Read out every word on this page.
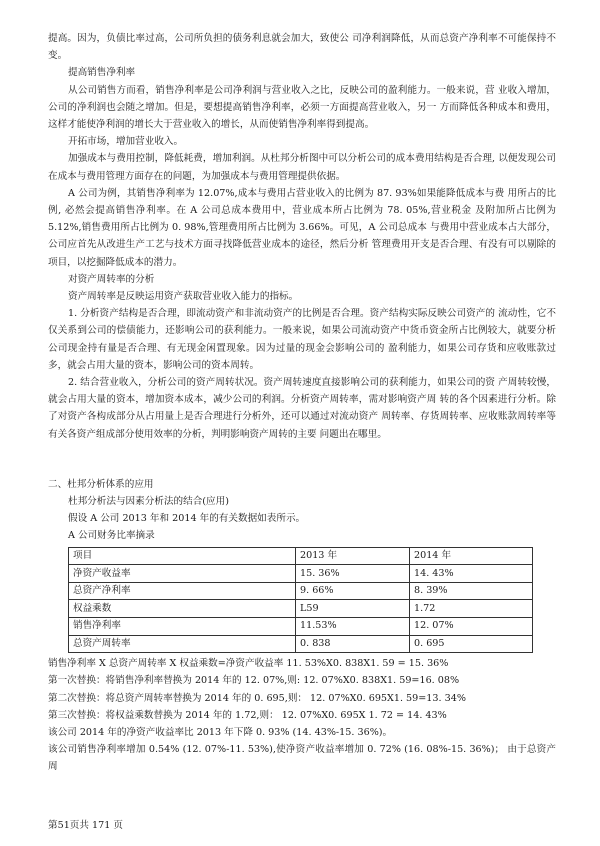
提高。因为，负债比率过高，公司所负担的债务利息就会加大，致使公 司净利润降低，从而总资产净利率不可能保持不变。

提高销售净利率

从公司销售方而看，销售净利率是公司净利润与营业收入之比，反映公司的盈利能力。一般来说，营 业收入增加，公司的净利润也会随之增加。但是，要想提高销售净利率，必须一方面提高营业收入，另一 方而降低各种成本和费用，这样才能使净利润的增长大于营业收入的增长，从而使销售净利率得到提高。

开拓市场，增加营业收入。

加强成本与费用控制，降低耗费，增加利润。从杜邦分析图中可以分析公司的成本费用结构是否合理, 以便发现公司在成本与费用管理方面存在的问题，为加强成本与费用管理提供依据。

A 公司为例，其销售净利率为 12.07%,成本与费用占营业收入的比例为 87. 93%如果能降低成本与费 用所占的比例, 必然会提高销售净利率。在 A 公司总成本费用中，营业成本所占比例为 78. 05%,营业税金 及附加所占比例为 5.12%,销售费用所占比例为 0. 98%,管理费用所占比例为 3.66%。可见，A 公司总成本 与费用中营业成本占大部分，公司应首先从改进生产工艺与技术方面寻找降低营业成本的途径，然后分析 管理费用开支是否合理、有没有可以剔除的项目，以挖掘降低成本的潜力。

对资产周转率的分析

资产周转率是反映运用资产获取营业收入能力的指标。

1. 分析资产结构是否合理，即流动资产和非流动资产的比例是否合理。资产结构实际反映公司资产的 流动性，它不仅关系到公司的偿债能力，还影响公司的获利能力。一般来说，如果公司流动资产中货币资金所占比例较大，就要分析公司现金持有量是否合理、有无现金闲置现象。因为过量的现金会影响公司的 盈利能力，如果公司存货和应收账款过多，就会占用大量的资本，影响公司的资本周转。

2. 结合营业收入，分析公司的资产周转状况。资产周转速度直接影响公司的获利能力，如果公司的资 产周转较慢，就会占用大量的资本，增加资本成本，减少公司的利润。分析资产周转率，需对影响资产周 转的各个因素进行分析。除了对资产各构成部分从占用量上是否合理进行分析外，还可以通过对流动资产 周转率、存货周转率、应收账款周转率等有关各资产组成部分使用效率的分析，判明影响资产周转的主要 问题出在哪里。

二、杜邦分析体系的应用

杜邦分析法与因素分析法的结合(应用)

假设 A 公司 2013 年和 2014 年的有关数据如表所示。

A 公司财务比率摘录

项目	2013 年	2014 年
净资产收益率	15. 36%	14. 43%
总资产净利率	9. 66%	8. 39%
权益乘数	L59	1.72
销售净利率	11.53%	12. 07%
总资产周转率	0. 838	0. 695

销售净利率 X 总资产周转率 X 权益乘数=净资产收益率 11. 53%X0. 838X1. 59 = 15. 36%

第一次替换：将销售净利率替换为 2014 年的 12. 07%,则: 12. 07%X0. 838X1. 59=16. 08%

第二次替换：将总资产周转率替换为 2014 年的 0. 695,则： 12. 07%X0. 695X1. 59=13. 34%

第三次替换：将权益乘数替换为 2014 年的 1.72,则： 12. 07%X0. 695X 1. 72 = 14. 43%

该公司 2014 年的净资产收益率比 2013 年下降 0. 93% (14. 43%-15. 36%)。

该公司销售净利率增加 0.54% (12. 07%-11. 53%),使净资产收益率增加 0. 72% (16. 08%-15. 36%)； 由于总资产周

第51页共 171 页
